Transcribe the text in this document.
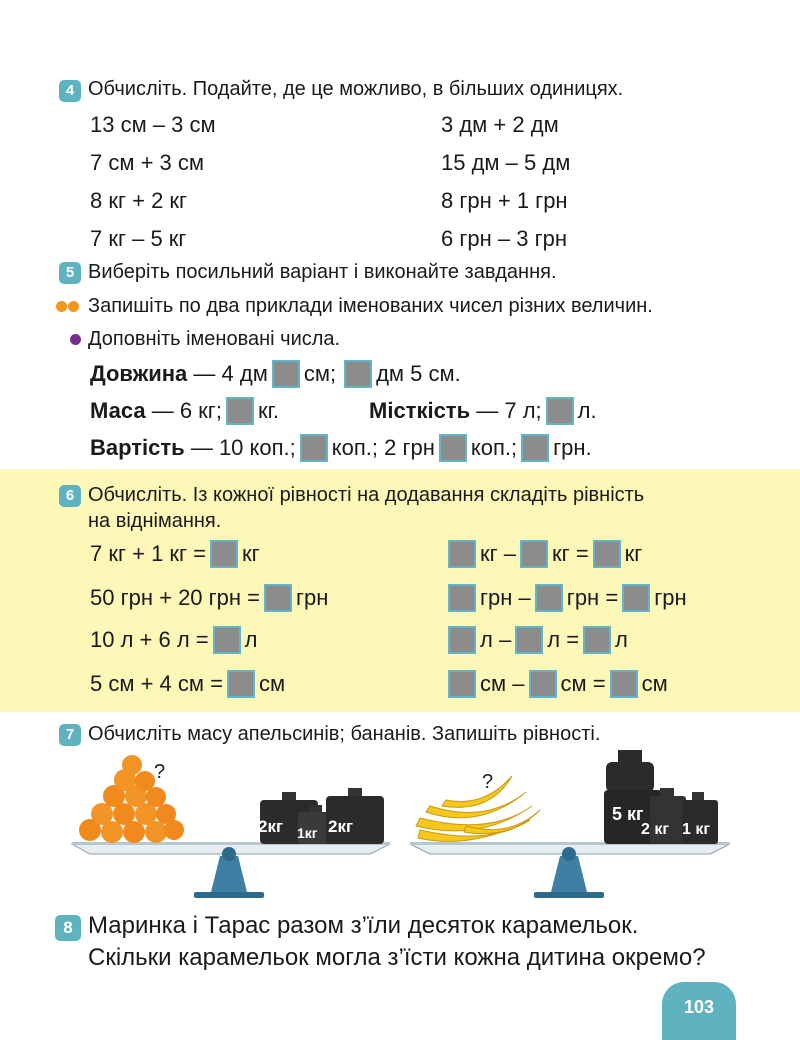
4 Обчисліть. Подайте, де це можливо, в більших одиницях.
13 см – 3 см
7 см + 3 см
8 кг + 2 кг
7 кг – 5 кг
3 дм + 2 дм
15 дм – 5 дм
8 грн + 1 грн
6 грн – 3 грн
5 Виберіть посильний варіант і виконайте завдання.
Запишіть по два приклади іменованих чисел різних величин.
Доповніть іменовані числа.
Довжина
— 4 дм см; дм 5 см.
Маса
— 6 кг; кг.	Місткість
— 7 л; л.
Вартість
— 10 коп.; коп.; 2 грн коп.; грн.
6 Обчисліть. Із кожної рівності на додавання складіть рівність
на віднімання.
7 кг + 1 кг = кг
50 грн + 20 грн = грн
10 л + 6 л = л
5 см + 4 см = см
кг
– кг
= кг
грн
– грн
= грн
л
– л
= л
см
– см
= см
7 Обчисліть масу апельсинів; бананів. Запишіть рівності.
?
2кг 1кг 2кг
?
5 кг
2 кг 1 кг
8 Маринка і Тарас разом з’їли десяток карамельок.
Скільки карамельок могла з’їсти кожна дитина окремо?
103
